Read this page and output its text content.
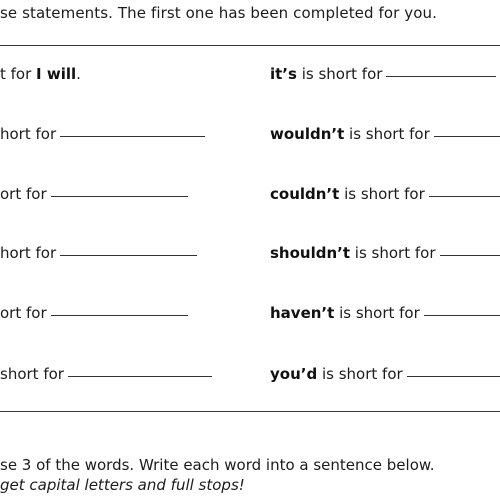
se statements. The first one has been completed for you.
t for I will.
hort for
ort for
hort for
ort for
short for
it’s is short for
wouldn’t is short for
couldn’t is short for
shouldn’t is short for
haven’t is short for
you’d is short for
se 3 of the words. Write each word into a sentence below.
get capital letters and full stops!
